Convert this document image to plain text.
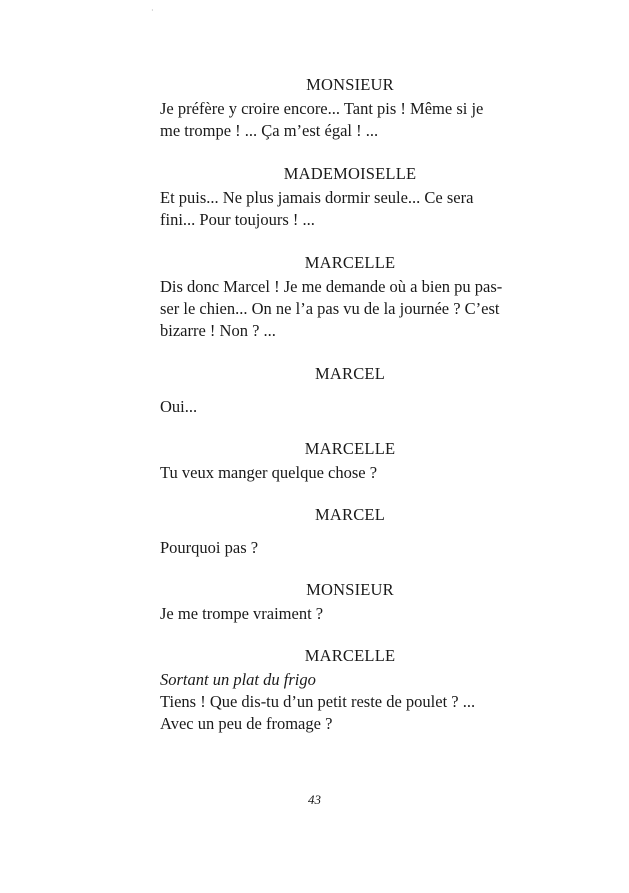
·
MONSIEUR
Je préfère y croire encore... Tant pis ! Même si je
me trompe ! ... Ça m’est égal ! ...
MADEMOISELLE
Et puis... Ne plus jamais dormir seule... Ce sera
fini... Pour toujours ! ...
MARCELLE
Dis donc Marcel ! Je me demande où a bien pu pas-
ser le chien... On ne l’a pas vu de la journée ? C’est
bizarre ! Non ? ...
MARCEL
Oui...
MARCELLE
Tu veux manger quelque chose ?
MARCEL
Pourquoi pas ?
MONSIEUR
Je me trompe vraiment ?
MARCELLE
Sortant un plat du frigo
Tiens ! Que dis-tu d’un petit reste de poulet ? ...
Avec un peu de fromage ?
43
